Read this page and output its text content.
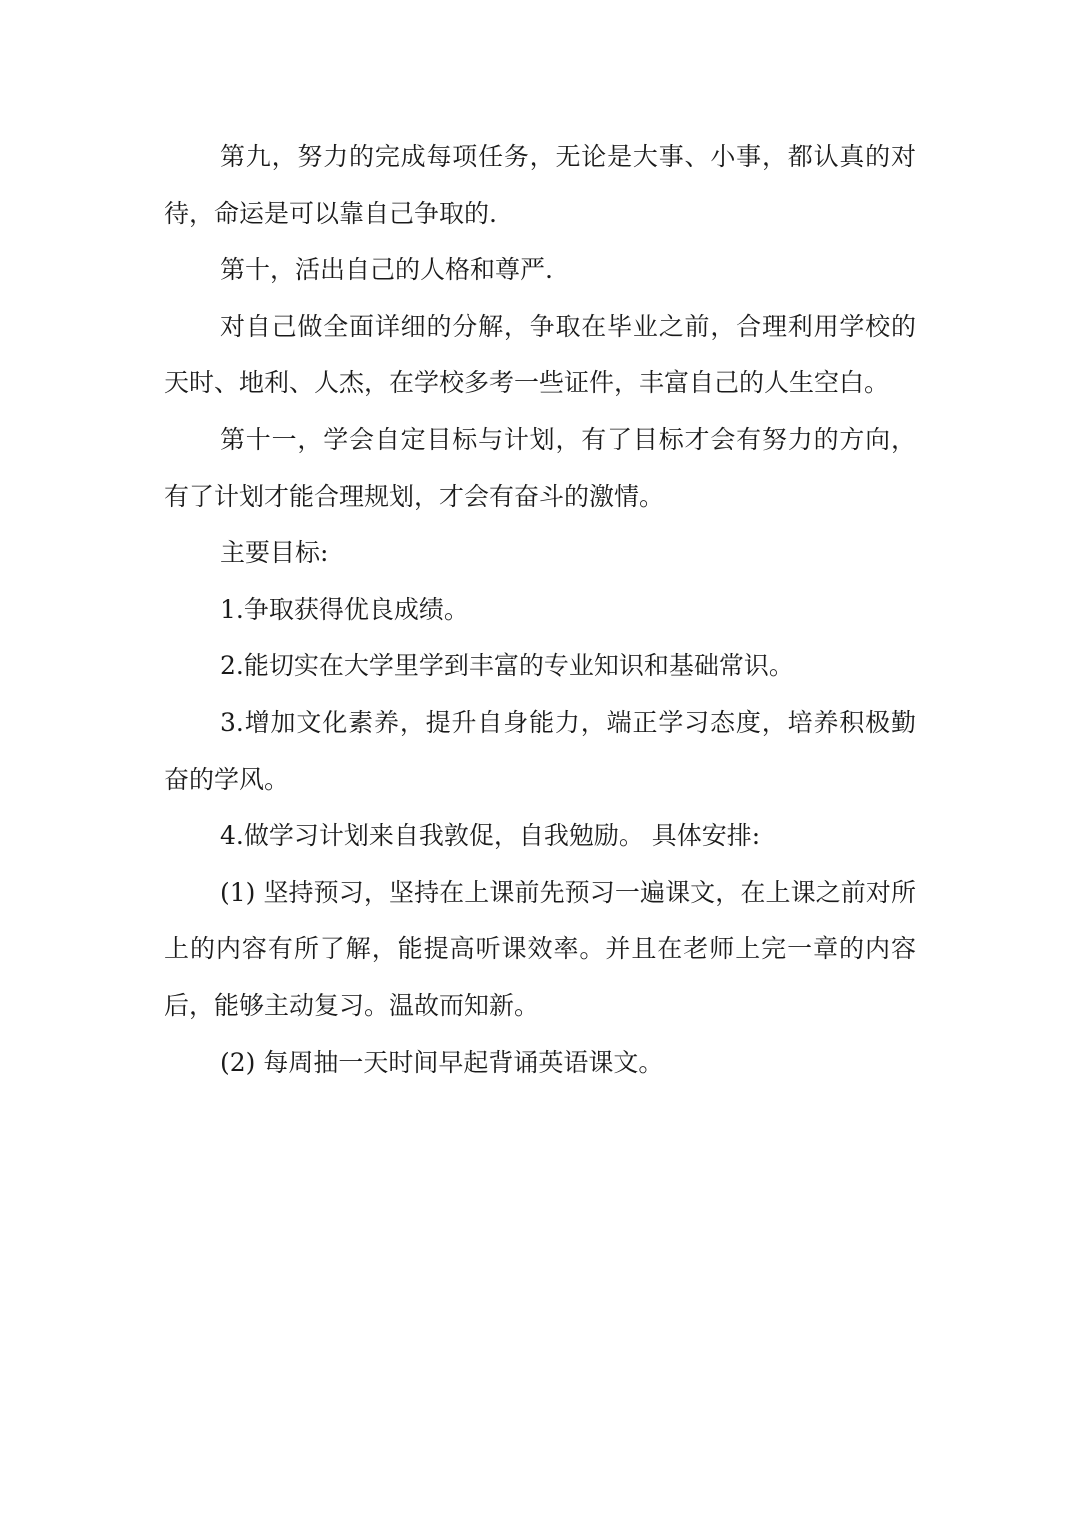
第九，努力的完成每项任务，无论是大事、小事，都认真的对待，命运是可以靠自己争取的.

第十，活出自己的人格和尊严.

对自己做全面详细的分解，争取在毕业之前，合理利用学校的天时、地利、人杰，在学校多考一些证件，丰富自己的人生空白。

第十一，学会自定目标与计划，有了目标才会有努力的方向，有了计划才能合理规划，才会有奋斗的激情。

主要目标:

1.争取获得优良成绩。

2.能切实在大学里学到丰富的专业知识和基础常识。

3.增加文化素养，提升自身能力，端正学习态度，培养积极勤奋的学风。

4.做学习计划来自我敦促，自我勉励。 具体安排:

(1) 坚持预习，坚持在上课前先预习一遍课文，在上课之前对所上的内容有所了解，能提高听课效率。并且在老师上完一章的内容后，能够主动复习。温故而知新。

(2) 每周抽一天时间早起背诵英语课文。
